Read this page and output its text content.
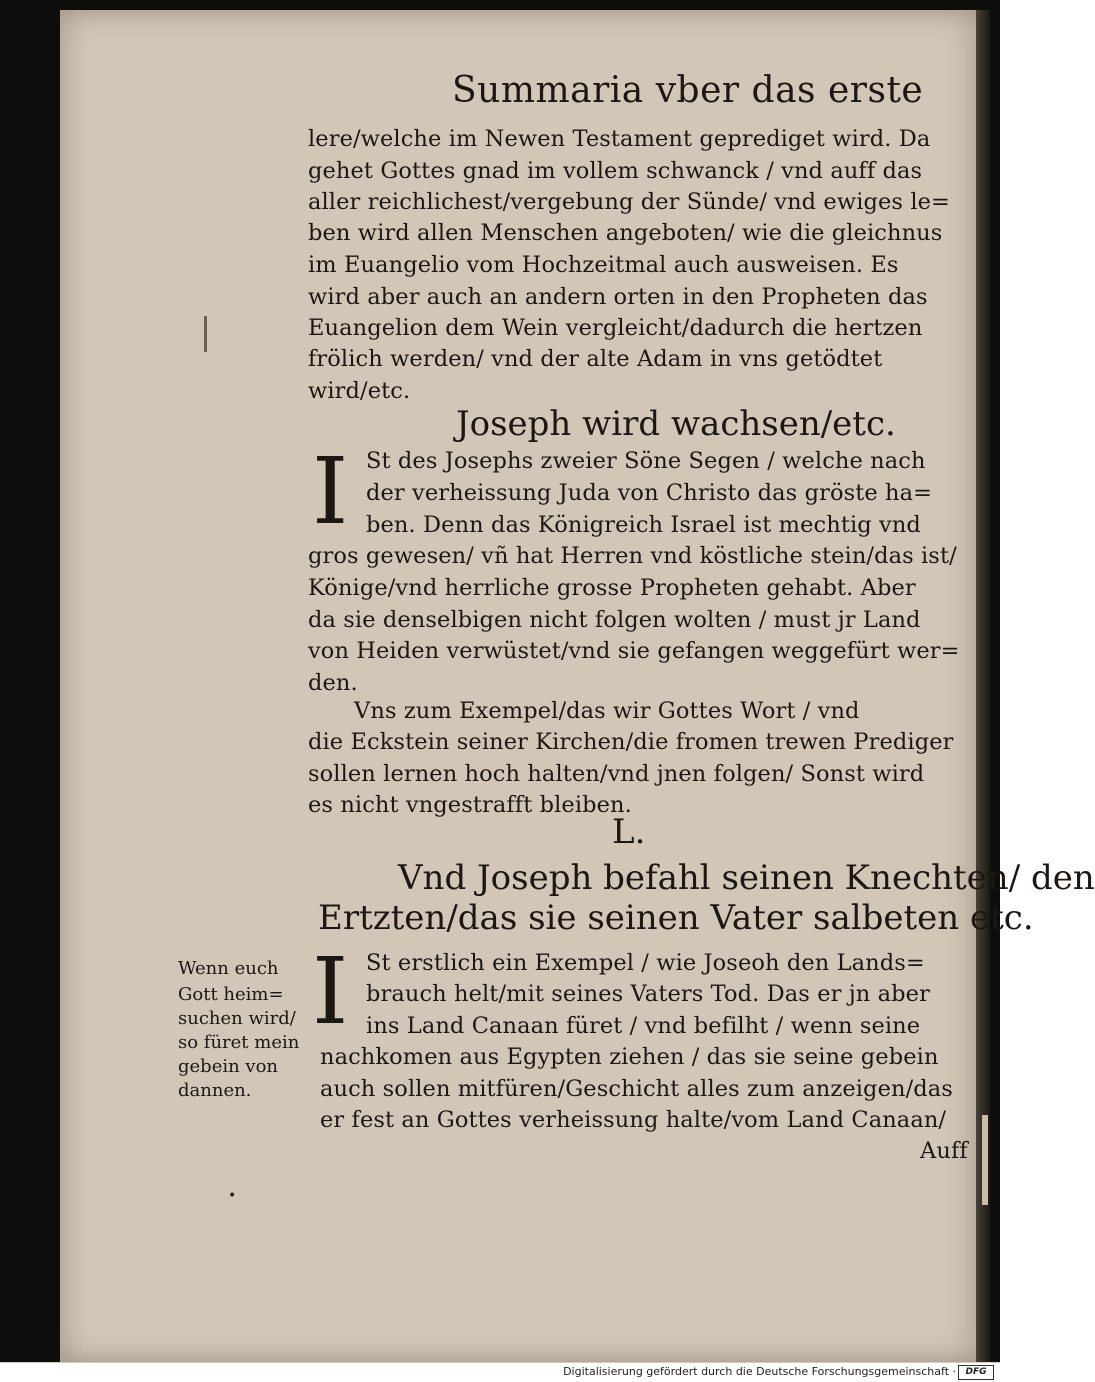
Summaria vber das erste

lere/welche im Newen Testament geprediget wird. Da

gehet Gottes gnad im vollem schwanck / vnd auff das

aller reichlichest/vergebung der Sünde/ vnd ewiges le=

ben wird allen Menschen angeboten/ wie die gleichnus

im Euangelio vom Hochzeitmal auch ausweisen. Es

wird aber auch an andern orten in den Propheten das

Euangelion dem Wein vergleicht/dadurch die hertzen

frölich werden/ vnd der alte Adam in vns getödtet

wird/etc.

Joseph wird wachsen/etc.

I St des Josephs zweier Söne Segen / welche nach

der verheissung Juda von Christo das gröste ha=

ben. Denn das Königreich Israel ist mechtig vnd

gros gewesen/ vñ hat Herren vnd köstliche stein/das ist/

Könige/vnd herrliche grosse Propheten gehabt. Aber

da sie denselbigen nicht folgen wolten / must jr Land

von Heiden verwüstet/vnd sie gefangen weggefürt wer=

den.

Vns zum Exempel/das wir Gottes Wort / vnd

die Eckstein seiner Kirchen/die fromen trewen Prediger

sollen lernen hoch halten/vnd jnen folgen/ Sonst wird

es nicht vngestrafft bleiben.

L.

Vnd Joseph befahl seinen Knechten/ den

Ertzten/das sie seinen Vater salbeten etc.

I St erstlich ein Exempel / wie Joseoh den Lands=

brauch helt/mit seines Vaters Tod. Das er jn aber

ins Land Canaan füret / vnd befilht / wenn seine

nachkomen aus Egypten ziehen / das sie seine gebein

auch sollen mitfüren/Geschicht alles zum anzeigen/das

er fest an Gottes verheissung halte/vom Land Canaan/

Auff

Wenn euch

Gott heim=

suchen wird/

so füret mein

gebein von

dannen.

•
Digitalisierung gefördert durch die Deutsche Forschungsgemeinschaft ·	DFG
